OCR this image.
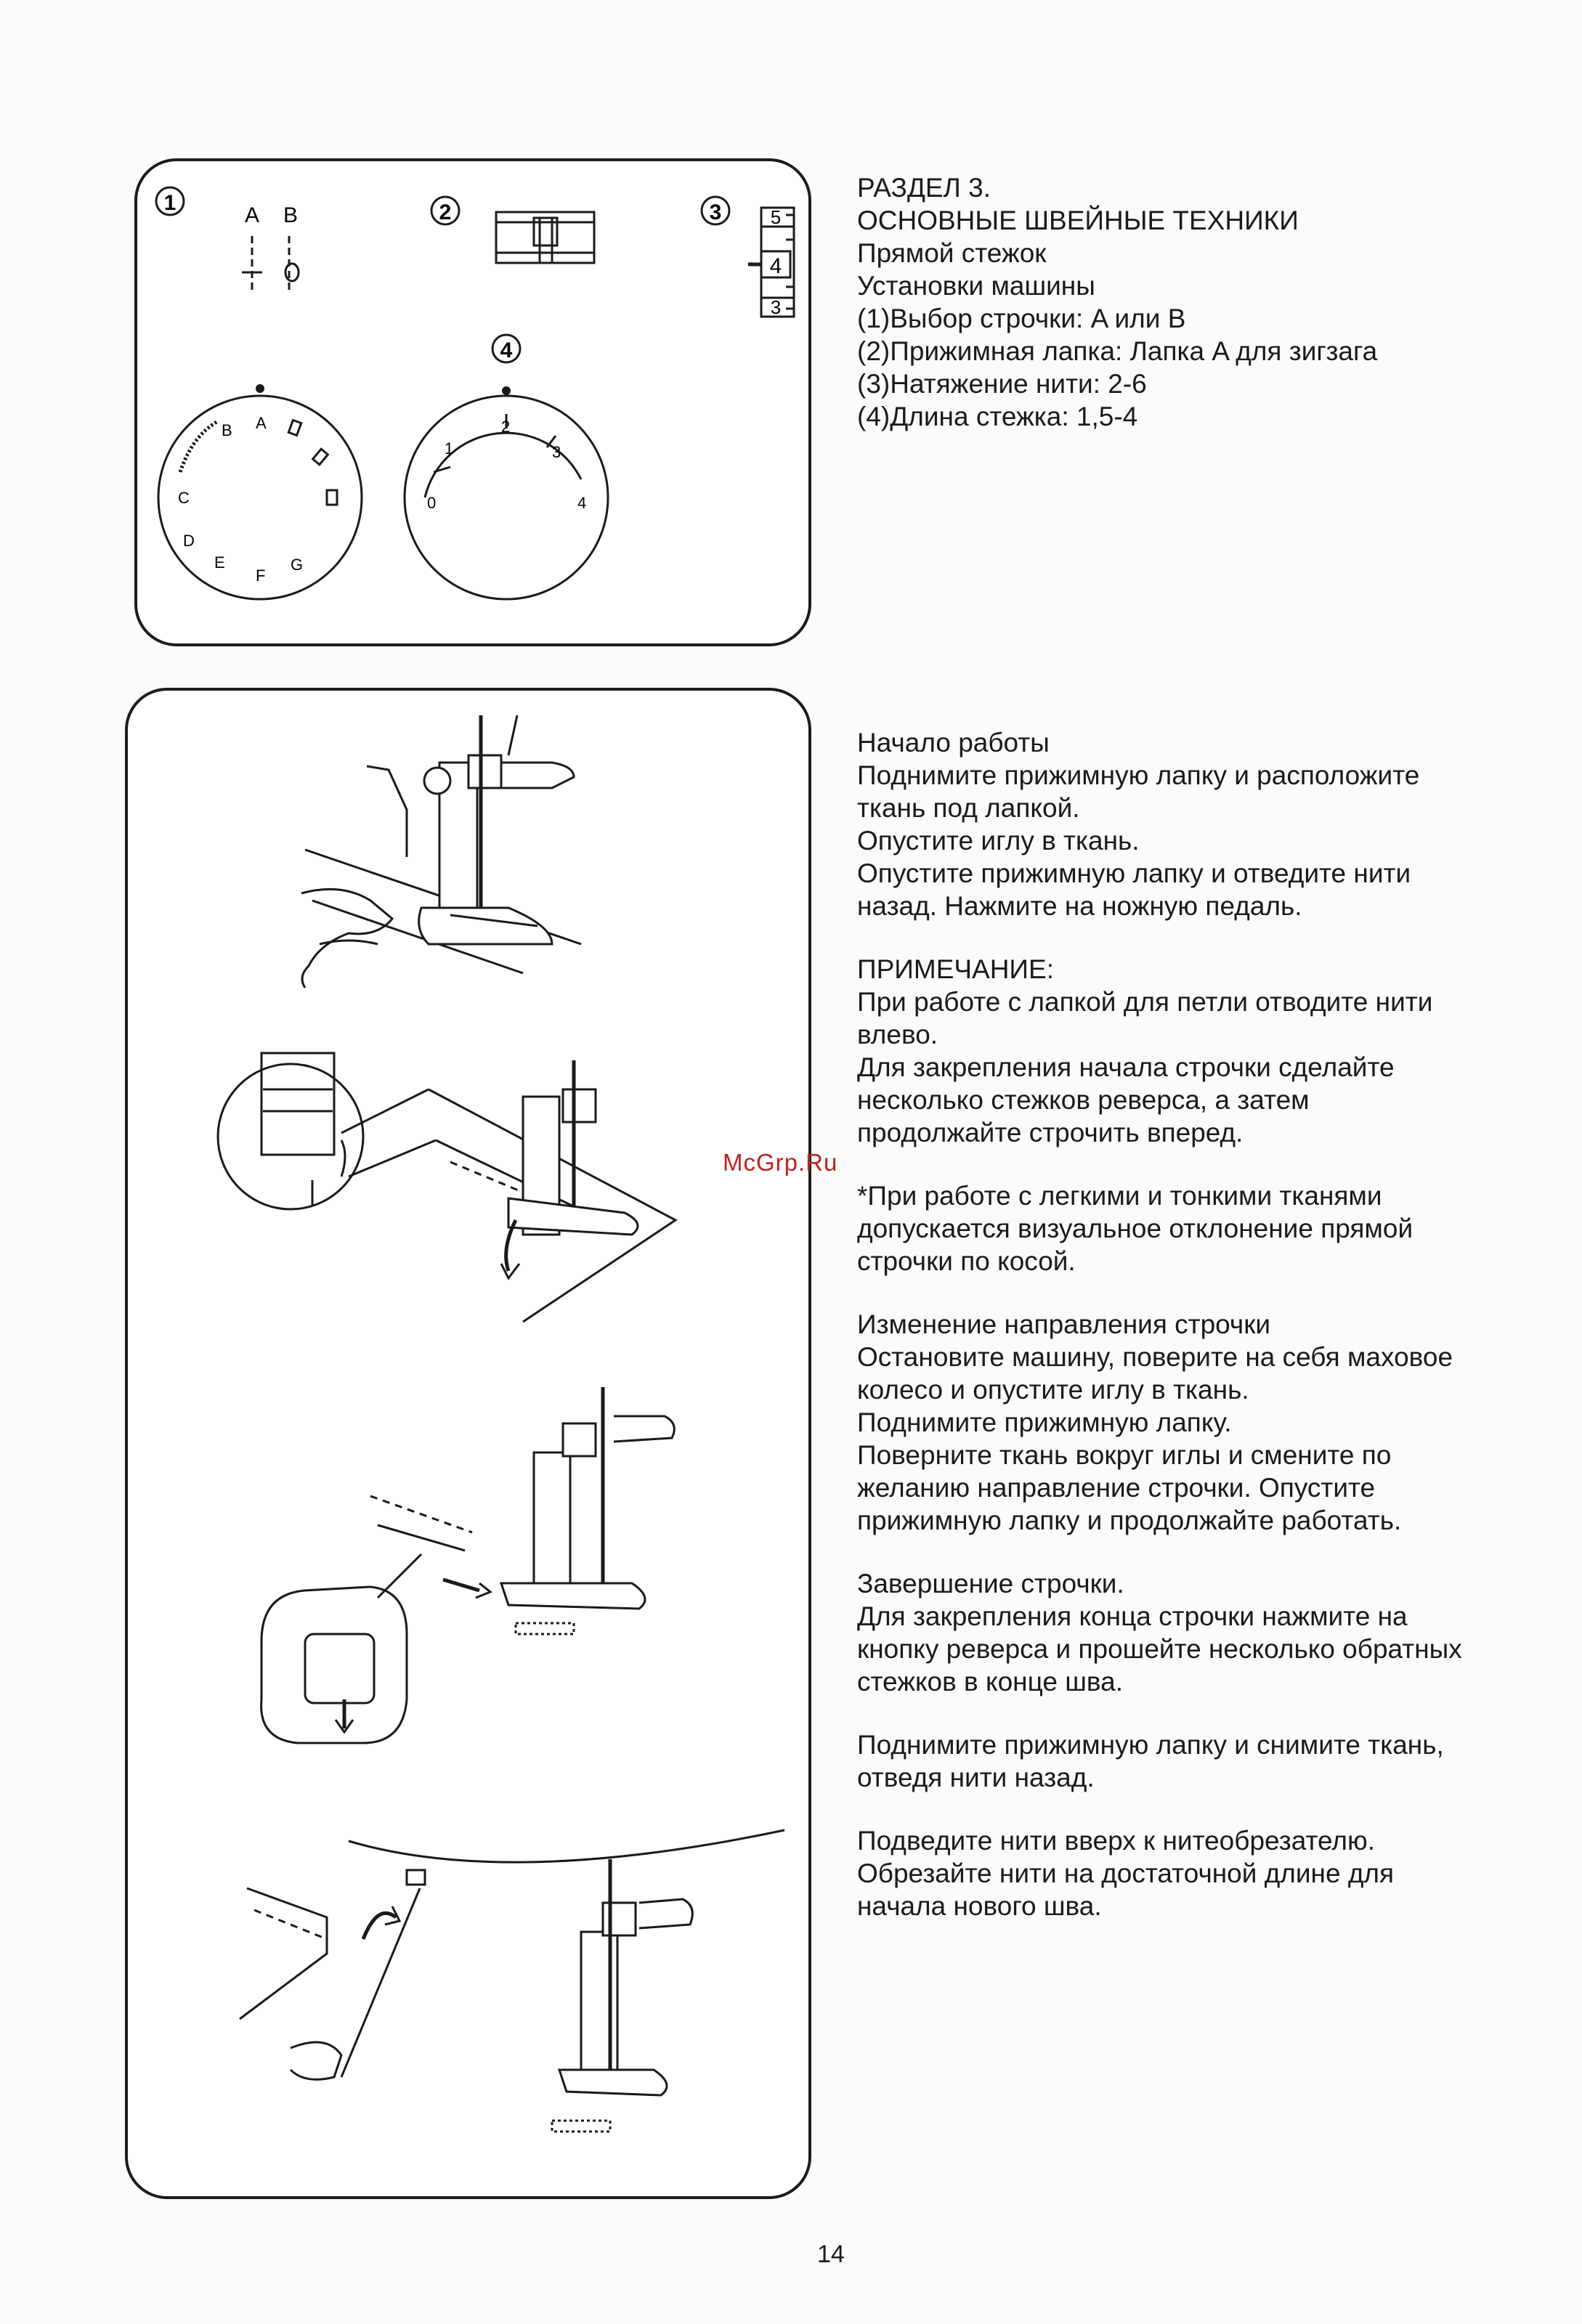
1
A B	2	3	5
4
3
4
B A
C
D
E
F
G
0
1
2
3
4

РАЗДЕЛ 3.

ОСНОВНЫЕ ШВЕЙНЫЕ ТЕХНИКИ

Прямой стежок

Установки машины

(1)Выбор строчки: A или B

(2)Прижимная лапка: Лапка A для зигзага

(3)Натяжение нити: 2-6

(4)Длина стежка: 1,5-4

Начало работы

Поднимите прижимную лапку и расположите

ткань под лапкой.

Опустите иглу в ткань.

Опустите прижимную лапку и отведите нити

назад. Нажмите на ножную педаль.

ПРИМЕЧАНИЕ:

При работе с лапкой для петли отводите нити

влево.

Для закрепления начала строчки сделайте

несколько стежков реверса, а затем

продолжайте строчить вперед.

*При работе с легкими и тонкими тканями

допускается визуальное отклонение прямой

строчки по косой.

Изменение направления строчки

Остановите машину, поверите на себя маховое

колесо и опустите иглу в ткань.

Поднимите прижимную лапку.

Поверните ткань вокруг иглы и смените по

желанию направление строчки. Опустите

прижимную лапку и продолжайте работать.

Завершение строчки.

Для закрепления конца строчки нажмите на

кнопку реверса и прошейте несколько обратных

стежков в конце шва.

Поднимите прижимную лапку и снимите ткань,

отведя нити назад.

Подведите нити вверх к нитеобрезателю.

Обрезайте нити на достаточной длине для

начала нового шва.

McGrp.Ru
14
